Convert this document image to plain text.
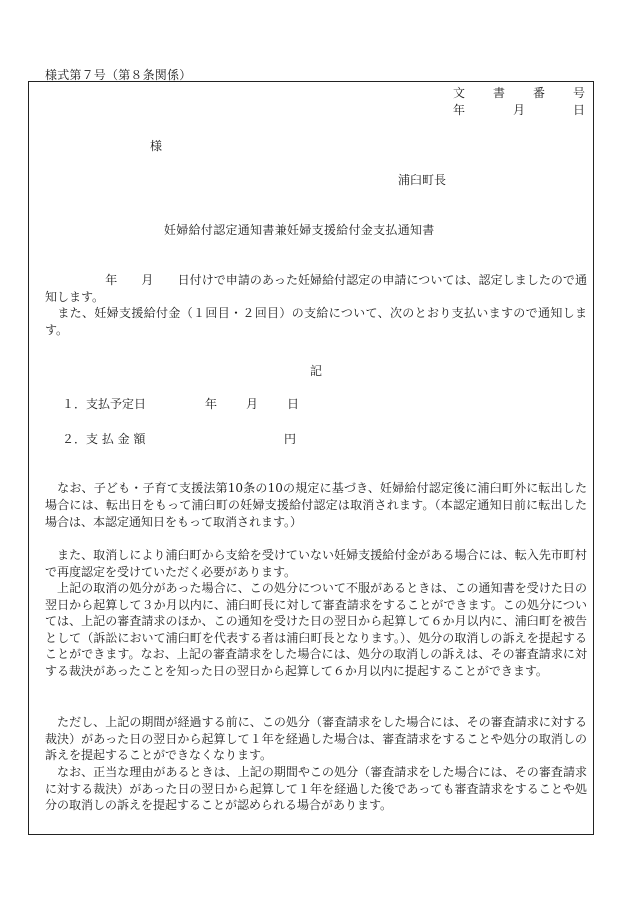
様式第７号（第８条関係）
文 書 番 号
年	月	日
様
浦臼町長
妊婦給付認定通知書兼妊婦支援給付金支払通知書
　　　　　年　　月　　日付けで申請のあった妊婦給付認定の申請については、認定しましたので通知します。
　また、妊婦支援給付金（１回目・２回目）の支給について、次のとおり支払いますので通知します。
記
１．支払予定日	年 月 日
２．支 払 金 額	円
　なお、子ども・子育て支援法第10条の10の規定に基づき、妊婦給付認定後に浦臼町外に転出した場合には、転出日をもって浦臼町の妊婦支援給付認定は取消されます。（本認定通知日前に転出した場合は、本認定通知日をもって取消されます。）
　また、取消しにより浦臼町から支給を受けていない妊婦支援給付金がある場合には、転入先市町村で再度認定を受けていただく必要があります。
　上記の取消の処分があった場合に、この処分について不服があるときは、この通知書を受けた日の翌日から起算して３か月以内に、浦臼町長に対して審査請求をすることができます。この処分については、上記の審査請求のほか、この通知を受けた日の翌日から起算して６か月以内に、浦臼町を被告として（訴訟において浦臼町を代表する者は浦臼町長となります。）、処分の取消しの訴えを提起することができます。なお、上記の審査請求をした場合には、処分の取消しの訴えは、その審査請求に対する裁決があったことを知った日の翌日から起算して６か月以内に提起することができます。
　ただし、上記の期間が経過する前に、この処分（審査請求をした場合には、その審査請求に対する裁決）があった日の翌日から起算して１年を経過した場合は、審査請求をすることや処分の取消しの訴えを提起することができなくなります。
　なお、正当な理由があるときは、上記の期間やこの処分（審査請求をした場合には、その審査請求に対する裁決）があった日の翌日から起算して１年を経過した後であっても審査請求をすることや処分の取消しの訴えを提起することが認められる場合があります。
